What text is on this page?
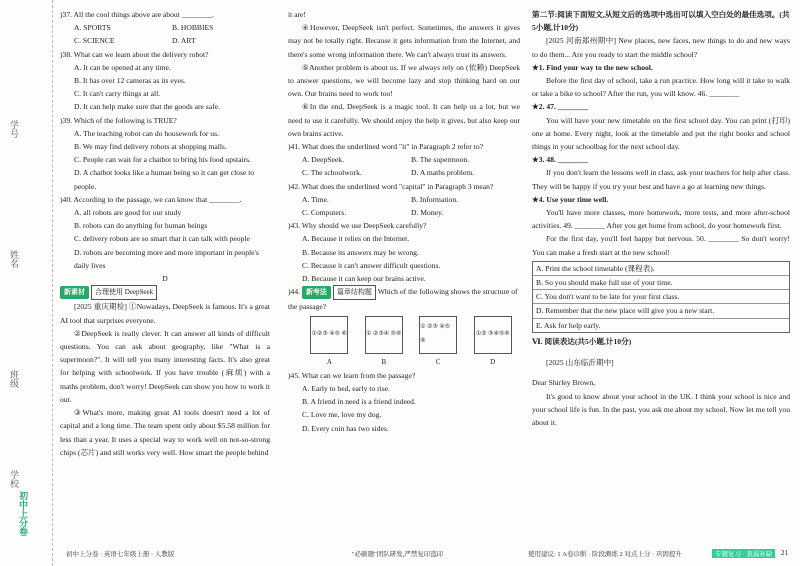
学号
姓名
班级
学校
初中上分卷

)37. All the cool things above are about ________.

A. SPORTS	B. HOBBIES
C. SCIENCE	D. ART

)38. What can we learn about the delivery robot?

A. It can be opened at any time.
B. It has over 12 cameras as its eyes.
C. It can't carry things at all.
D. It can help make sure that the goods are safe.

)39. Which of the following is TRUE?

A. The teaching robot can do housework for us.
B. We may find delivery robots at shopping malls.
C. People can wait for a chatbot to bring his food upstairs.
D. A chatbot looks like a human being so it can get close to people.

)40. According to the passage, we can know that ________.

A. all robots are good for our study
B. robots can do anything for human beings
C. delivery robots are so smart that it can talk with people
D. robots are becoming more and more important in people's daily lives
D
新素材 合理使用 DeepSeek

[2025 重庆期检] ①Nowadays, DeepSeek is famous. It's a great AI tool that surprises everyone.

②DeepSeek is really clever. It can answer all kinds of difficult questions. You can ask about geography, like "What is a supermoon?". It will tell you many interesting facts. It's also great for helping with schoolwork. If you have trouble (麻烦) with a maths problem, don't worry! DeepSeek can show you how to work it out.

③What's more, making great AI tools doesn't need a lot of capital and a long time. The team spent only about $5.58 million for less than a year. It uses a special way to work well on not-so-strong chips (芯片) and still works very well. How smart the people behind

it are!

④However, DeepSeek isn't perfect. Sometimes, the answers it gives may not be totally right. Because it gets information from the Internet, and there's some wrong information there. We can't always trust its answers.

⑤Another problem is about us. If we always rely on (依赖) DeepSeek to answer questions, we will become lazy and stop thinking hard on our own. Our brains need to work too!

⑥In the end, DeepSeek is a magic tool. It can help us a lot, but we need to use it carefully. We should enjoy the help it gives, but also keep our own brains active.

)41. What does the underlined word "it" in Paragraph 2 refer to?

A. DeepSeek.	B. The supermoon.
C. The schoolwork.	D. A maths problem.

)42. What does the underlined word "capital" in Paragraph 3 mean?

A. Time.	B. Information.
C. Computers.	D. Money.

)43. Why should we use DeepSeek carefully?

A. Because it relies on the Internet.
B. Because its answers may be wrong.
C. Because it can't answer difficult questions.
D. Because it can keep our brains active.

)44. 新考法 篇章结构题 Which of the following shows the structure of the passage?

①②③ ④⑤ ⑥	① ②③④ ⑤⑥
① ②③ ④⑤ ⑥
①② ③④⑤⑥
A	B	C	D

)45. What can we learn from the passage?

A. Early to bed, early to rise.
B. A friend in need is a friend indeed.
C. Love me, love my dog.
D. Every coin has two sides.

第二节:阅读下面短文,从短文后的选项中选出可以填入空白处的最佳选项。(共5小题,计10分)

[2025 河南郑州期中] New places, new faces, new things to do and new ways to do them... Are you ready to start the middle school?

★1. Find your way to the new school.

Before the first day of school, take a run practice. How long will it take to walk or take a bike to school? After the run, you will know. 46. ________

★2. 47. ________

You will have your new timetable on the first school day. You can print (打印) one at home. Every night, look at the timetable and put the right books and school things in your schoolbag for the next school day.

★3. 48. ________

If you don't learn the lessons well in class, ask your teachers for help after class. They will be happy if you try your best and have a go at learning new things.

★4. Use your time well.

You'll have more classes, more homework, more tests, and more after-school activities. 49. ________ After you get home from school, do your homework first.

For the first day, you'll feel happy but nervous. 50. ________ So don't worry! You can make a fresh start at the new school!

A. Print the school timetable (课程表).
B. So you should make full use of your time.
C. You don't want to be late for your first class.
D. Remember that the new place will give you a new start.
E. Ask for help early.

Ⅵ. 阅读表达(共5小题,计10分)

[2025 山东临沂期中]

Dear Shirley Brown,

It's good to know about your school in the UK. I think your school is nice and your school life is fun. In the past, you ask me about my school. Now let me tell you about it.

初中上分卷 · 英语七年级上册 · 人教版	"必刷题"团队研发,严禁复印盗印	使用建议: 1 A卷诊断 · 阶段测练 2 对点上分 · 巩固提升	专题复习 · 查漏补缺	21
